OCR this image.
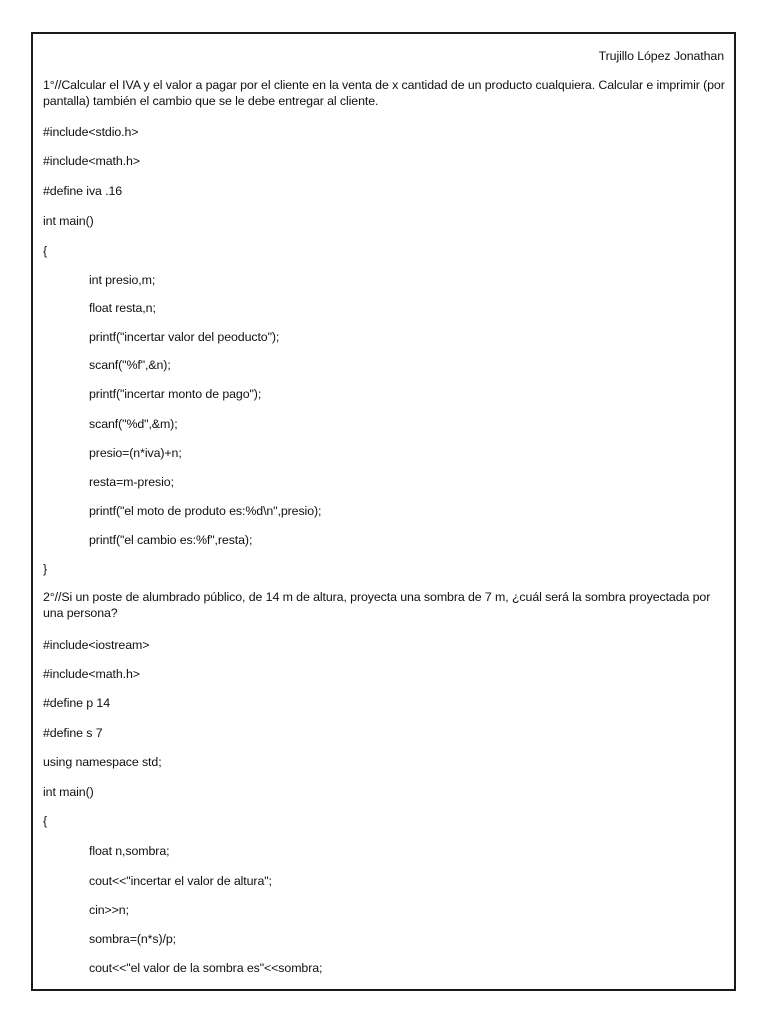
Trujillo López Jonathan
1°//Calcular el IVA y el valor a pagar por el cliente en la venta de x cantidad de un producto cualquiera. Calcular e imprimir (por pantalla) también el cambio que se le debe entregar al cliente.
#include<stdio.h>
#include<math.h>
#define iva .16
int main()
{
int presio,m;
float resta,n;
printf("incertar valor del peoducto");
scanf("%f",&n);
printf("incertar monto de pago");
scanf("%d",&m);
presio=(n*iva)+n;
resta=m-presio;
printf("el moto de produto es:%d\n",presio);
printf("el cambio es:%f",resta);
}
2°//Si un poste de alumbrado público, de 14 m de altura, proyecta una sombra de 7 m, ¿cuál será la sombra proyectada por una persona?
#include<iostream>
#include<math.h>
#define p 14
#define s 7
using namespace std;
int main()
{
float n,sombra;
cout<<"incertar el valor de altura";
cin>>n;
sombra=(n*s)/p;
cout<<"el valor de la sombra es"<<sombra;
